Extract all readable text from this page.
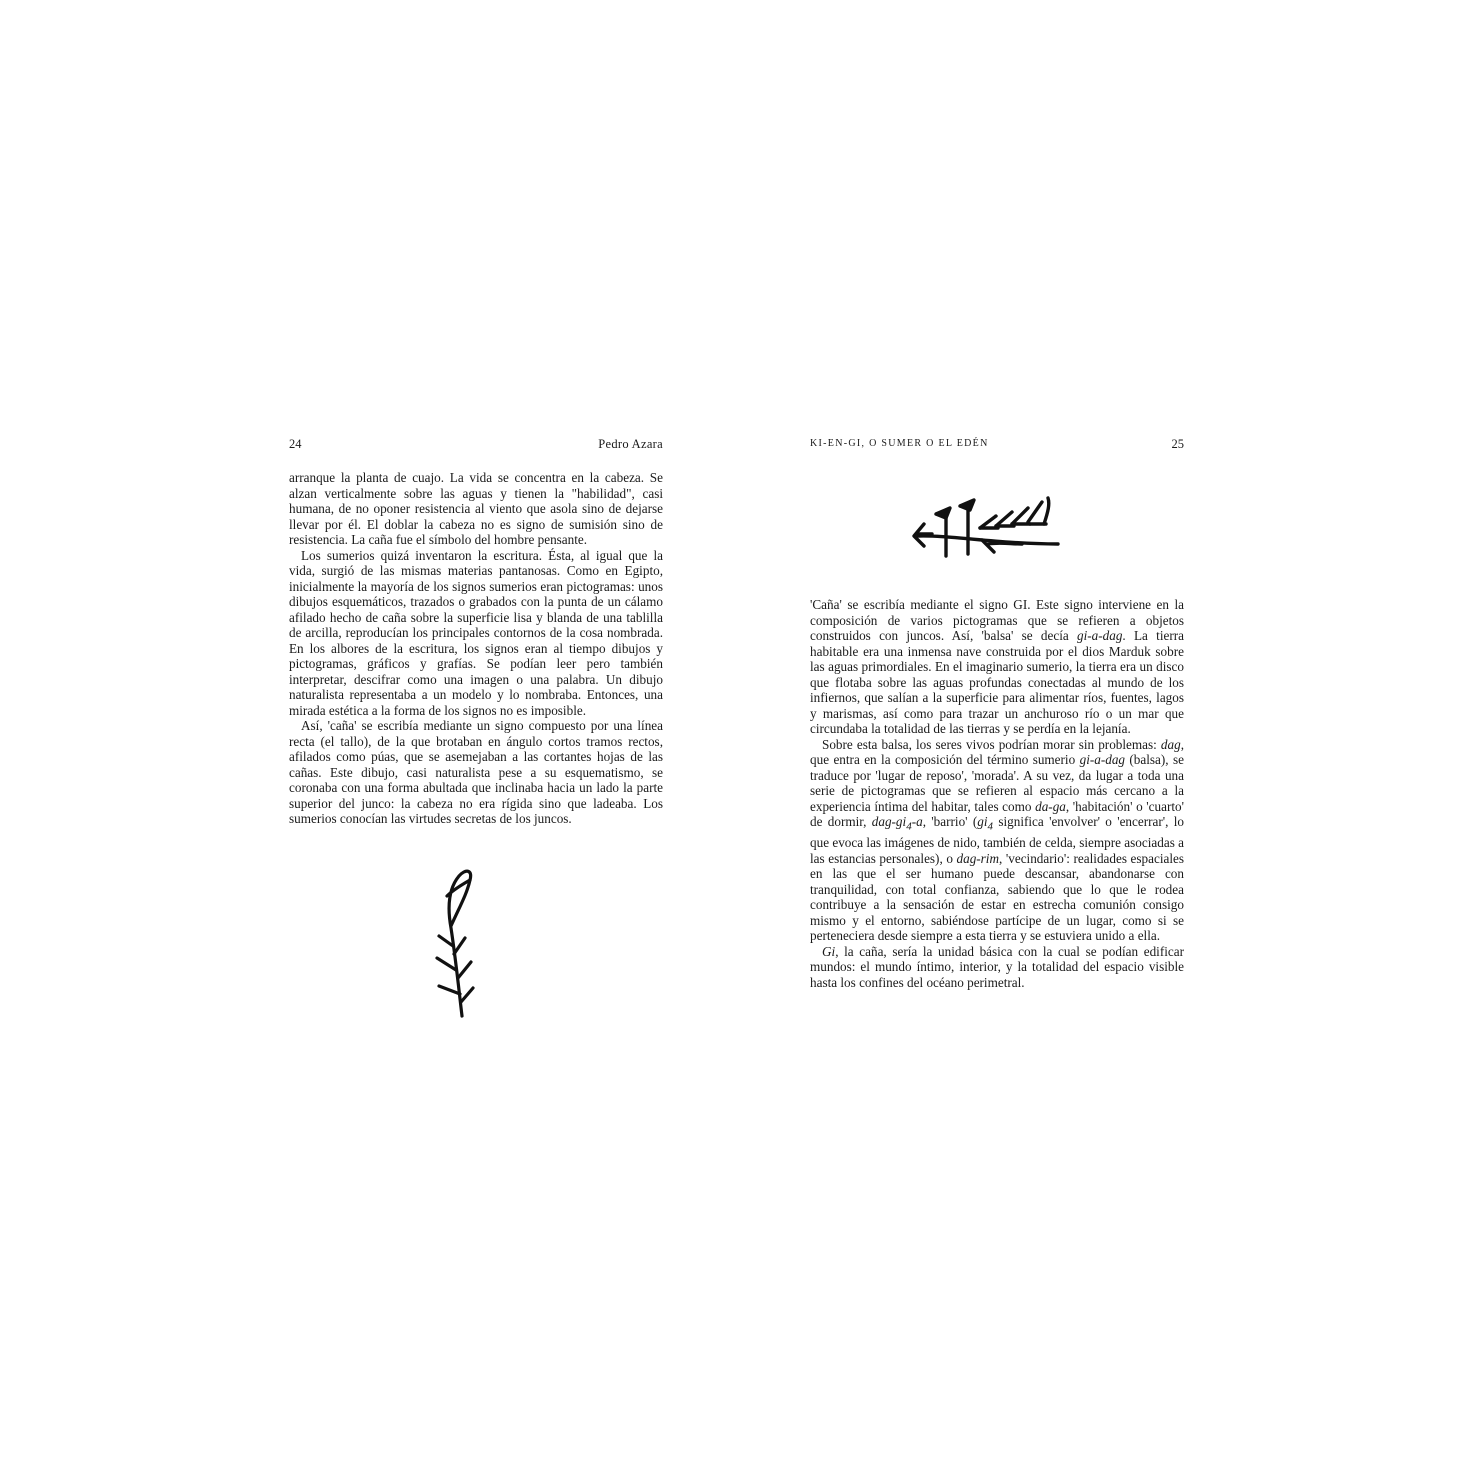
24	Pedro Azara

arranque la planta de cuajo. La vida se concentra en la cabeza. Se alzan verticalmente sobre las aguas y tienen la "habilidad", casi humana, de no oponer resistencia al viento que asola sino de dejarse llevar por él. El doblar la cabeza no es signo de sumisión sino de resistencia. La caña fue el símbolo del hombre pensante.

Los sumerios quizá inventaron la escritura. Ésta, al igual que la vida, surgió de las mismas materias pantanosas. Como en Egipto, inicialmente la mayoría de los signos sumerios eran pictogramas: unos dibujos esquemáticos, trazados o grabados con la punta de un cálamo afilado hecho de caña sobre la superficie lisa y blanda de una tablilla de arcilla, reproducían los principales contornos de la cosa nombrada. En los albores de la escritura, los signos eran al tiempo dibujos y pictogramas, gráficos y grafías. Se podían leer pero también interpretar, descifrar como una imagen o una palabra. Un dibujo naturalista representaba a un modelo y lo nombraba. Entonces, una mirada estética a la forma de los signos no es imposible.

Así, 'caña' se escribía mediante un signo compuesto por una línea recta (el tallo), de la que brotaban en ángulo cortos tramos rectos, afilados como púas, que se asemejaban a las cortantes hojas de las cañas. Este dibujo, casi naturalista pese a su esquematismo, se coronaba con una forma abultada que inclinaba hacia un lado la parte superior del junco: la cabeza no era rígida sino que ladeaba. Los sumerios conocían las virtudes secretas de los juncos.

KI-EN-GI, O SUMER O EL EDÉN	25

'Caña' se escribía mediante el signo GI. Este signo interviene en la composición de varios pictogramas que se refieren a objetos construidos con juncos. Así, 'balsa' se decía gi-a-dag. La tierra habitable era una inmensa nave construida por el dios Marduk sobre las aguas primordiales. En el imaginario sumerio, la tierra era un disco que flotaba sobre las aguas profundas conectadas al mundo de los infiernos, que salían a la superficie para alimentar ríos, fuentes, lagos y marismas, así como para trazar un anchuroso río o un mar que circundaba la totalidad de las tierras y se perdía en la lejanía.

Sobre esta balsa, los seres vivos podrían morar sin problemas: dag, que entra en la composición del término sumerio gi-a-dag (balsa), se traduce por 'lugar de reposo', 'morada'. A su vez, da lugar a toda una serie de pictogramas que se refieren al espacio más cercano a la experiencia íntima del habitar, tales como da-ga, 'habitación' o 'cuarto' de dormir, dag-$gi_4-a$, 'barrio' ($gi_4$ significa 'envolver' o 'encerrar', lo que evoca las imágenes de nido, también de celda, siempre asociadas a las estancias personales), o dag-rim, 'vecindario': realidades espaciales en las que el ser humano puede descansar, abandonarse con tranquilidad, con total confianza, sabiendo que lo que le rodea contribuye a la sensación de estar en estrecha comunión consigo mismo y el entorno, sabiéndose partícipe de un lugar, como si se perteneciera desde siempre a esta tierra y se estuviera unido a ella.

Gi, la caña, sería la unidad básica con la cual se podían edificar mundos: el mundo íntimo, interior, y la totalidad del espacio visible hasta los confines del océano perimetral.
